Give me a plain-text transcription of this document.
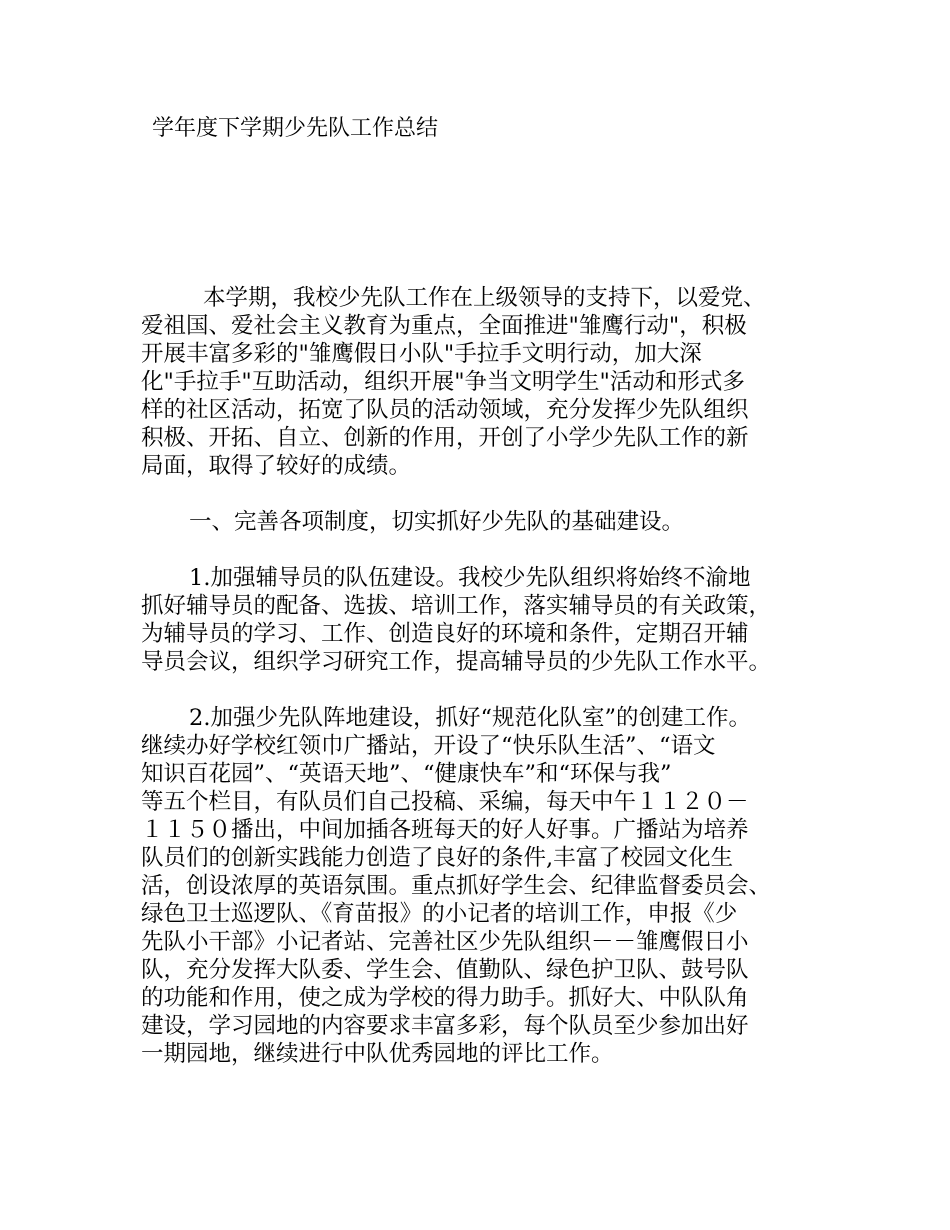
学年度下学期少先队工作总结

本学期，我校少先队工作在上级领导的支持下，以爱党、
爱祖国、爱社会主义教育为重点，全面推进"雏鹰行动"，积极
开展丰富多彩的"雏鹰假日小队"手拉手文明行动，加大深
化"手拉手"互助活动，组织开展"争当文明学生"活动和形式多
样的社区活动，拓宽了队员的活动领域，充分发挥少先队组织
积极、开拓、自立、创新的作用，开创了小学少先队工作的新
局面，取得了较好的成绩。

一、完善各项制度，切实抓好少先队的基础建设。

1.加强辅导员的队伍建设。我校少先队组织将始终不渝地
抓好辅导员的配备、选拔、培训工作，落实辅导员的有关政策，
为辅导员的学习、工作、创造良好的环境和条件，定期召开辅
导员会议，组织学习研究工作，提高辅导员的少先队工作水平。

2.加强少先队阵地建设，抓好“规范化队室”的创建工作。
继续办好学校红领巾广播站，开设了“快乐队生活”、“语文
知识百花园”、“英语天地”、“健康快车”和“环保与我”
等五个栏目，有队员们自己投稿、采编，每天中午１１２０－
１１５０播出，中间加插各班每天的好人好事。广播站为培养
队员们的创新实践能力创造了良好的条件,丰富了校园文化生
活，创设浓厚的英语氛围。重点抓好学生会、纪律监督委员会、
绿色卫士巡逻队、《育苗报》的小记者的培训工作，申报《少
先队小干部》小记者站、完善社区少先队组织－－雏鹰假日小
队，充分发挥大队委、学生会、值勤队、绿色护卫队、鼓号队
的功能和作用，使之成为学校的得力助手。抓好大、中队队角
建设，学习园地的内容要求丰富多彩，每个队员至少参加出好
一期园地，继续进行中队优秀园地的评比工作。
